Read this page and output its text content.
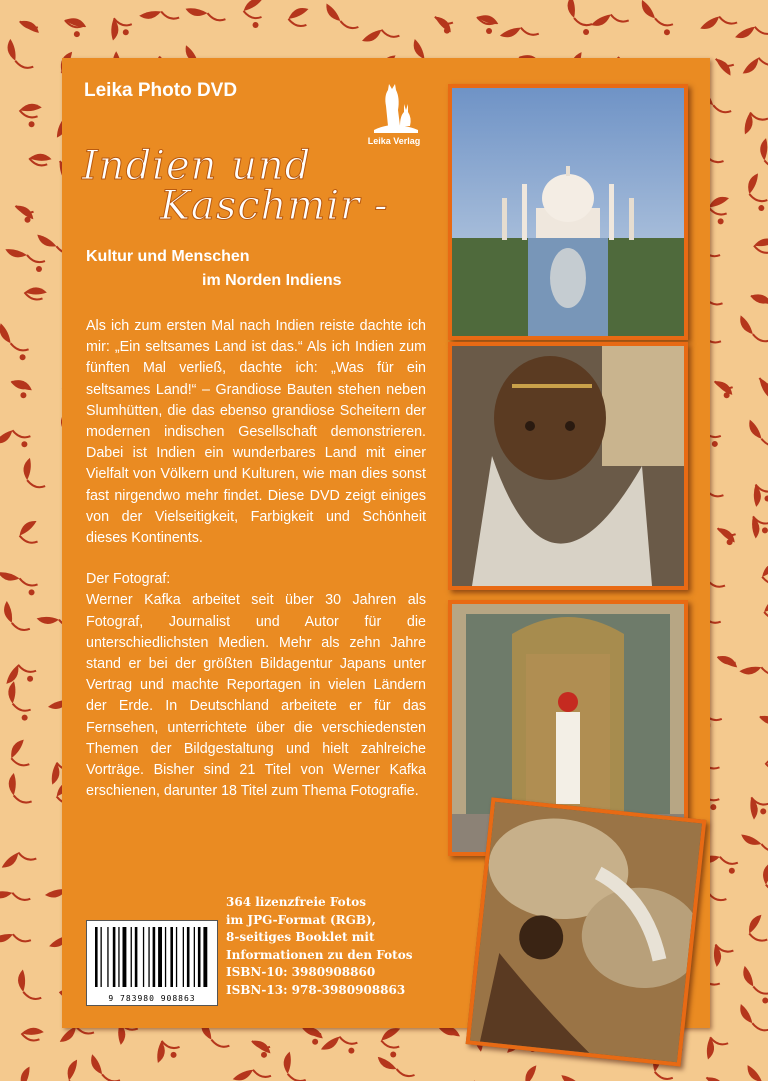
Leika Photo DVD
Leika Verlag
Indien und
Kaschmir -
Kultur und Menschen
im Norden Indiens

Als ich zum ersten Mal nach Indien reiste dachte ich mir: „Ein seltsames Land ist das.“ Als ich Indien zum fünften Mal verließ, dachte ich: „Was für ein seltsames Land!“ – Grandiose Bauten stehen neben Slumhütten, die das ebenso grandiose Scheitern der modernen indischen Gesellschaft demonstrieren. Dabei ist Indien ein wunderbares Land mit einer Vielfalt von Völkern und Kulturen, wie man dies sonst fast nirgendwo mehr findet. Diese DVD zeigt einiges von der Vielseitigkeit, Farbigkeit und Schönheit dieses Kontinents.

Der Fotograf:

Werner Kafka arbeitet seit über 30 Jahren als Fotograf, Journalist und Autor für die unterschiedlichsten Medien. Mehr als zehn Jahre stand er bei der größten Bildagentur Japans unter Vertrag und machte Reportagen in vielen Ländern der Erde. In Deutschland arbeitete er für das Fernsehen, unterrichtete über die verschiedensten Themen der Bildgestaltung und hielt zahlreiche Vorträge. Bisher sind 21 Titel von Werner Kafka erschienen, darunter 18 Titel zum Thema Fotografie.

9 783980 908863
364 lizenzfreie Fotos
im JPG-Format (RGB),
8-seitiges Booklet mit
Informationen zu den Fotos
ISBN-10: 3980908860
ISBN-13: 978-3980908863
